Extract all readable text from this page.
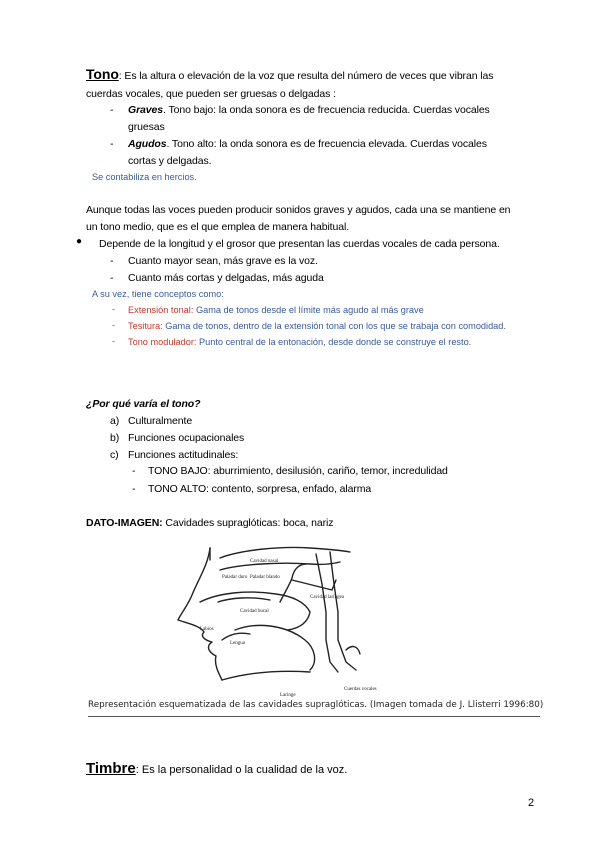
Tono: Es la altura o elevación de la voz que resulta del número de veces que vibran las
cuerdas vocales, que pueden ser gruesas o delgadas :
- Graves. Tono bajo: la onda sonora es de frecuencia reducida. Cuerdas vocales
gruesas
- Agudos. Tono alto: la onda sonora es de frecuencia elevada. Cuerdas vocales
cortas y delgadas.
Se contabiliza en hercios.
Aunque todas las voces pueden producir sonidos graves y agudos, cada una se mantiene en
un tono medio, que es el que emplea de manera habitual.
● Depende de la longitud y el grosor que presentan las cuerdas vocales de cada persona.
- Cuanto mayor sean, más grave es la voz.
- Cuanto más cortas y delgadas, más aguda
A su vez, tiene conceptos como:
- Extensión tonal: Gama de tonos desde el límite más agudo al más grave
- Tesitura: Gama de tonos, dentro de la extensión tonal con los que se trabaja con comodidad.
- Tono modulador: Punto central de la entonación, desde donde se construye el resto.
¿Por qué varía el tono?
a) Culturalmente
b) Funciones ocupacionales
c) Funciones actitudinales:
- TONO BAJO: aburrimiento, desilusión, cariño, temor, incredulidad
- TONO ALTO: contento, sorpresa, enfado, alarma
DATO-IMAGEN: Cavidades supraglóticas: boca, nariz
Cavidad nasal
Paladar duro Paladar blando
Cavidad laríngea
Cavidad bucal
Labios
Lengua
Laringe
Cuerdas vocales
Representación esquematizada de las cavidades supraglóticas. (Imagen tomada de J. Llisterri 1996:80)
Timbre: Es la personalidad o la cualidad de la voz.
2
